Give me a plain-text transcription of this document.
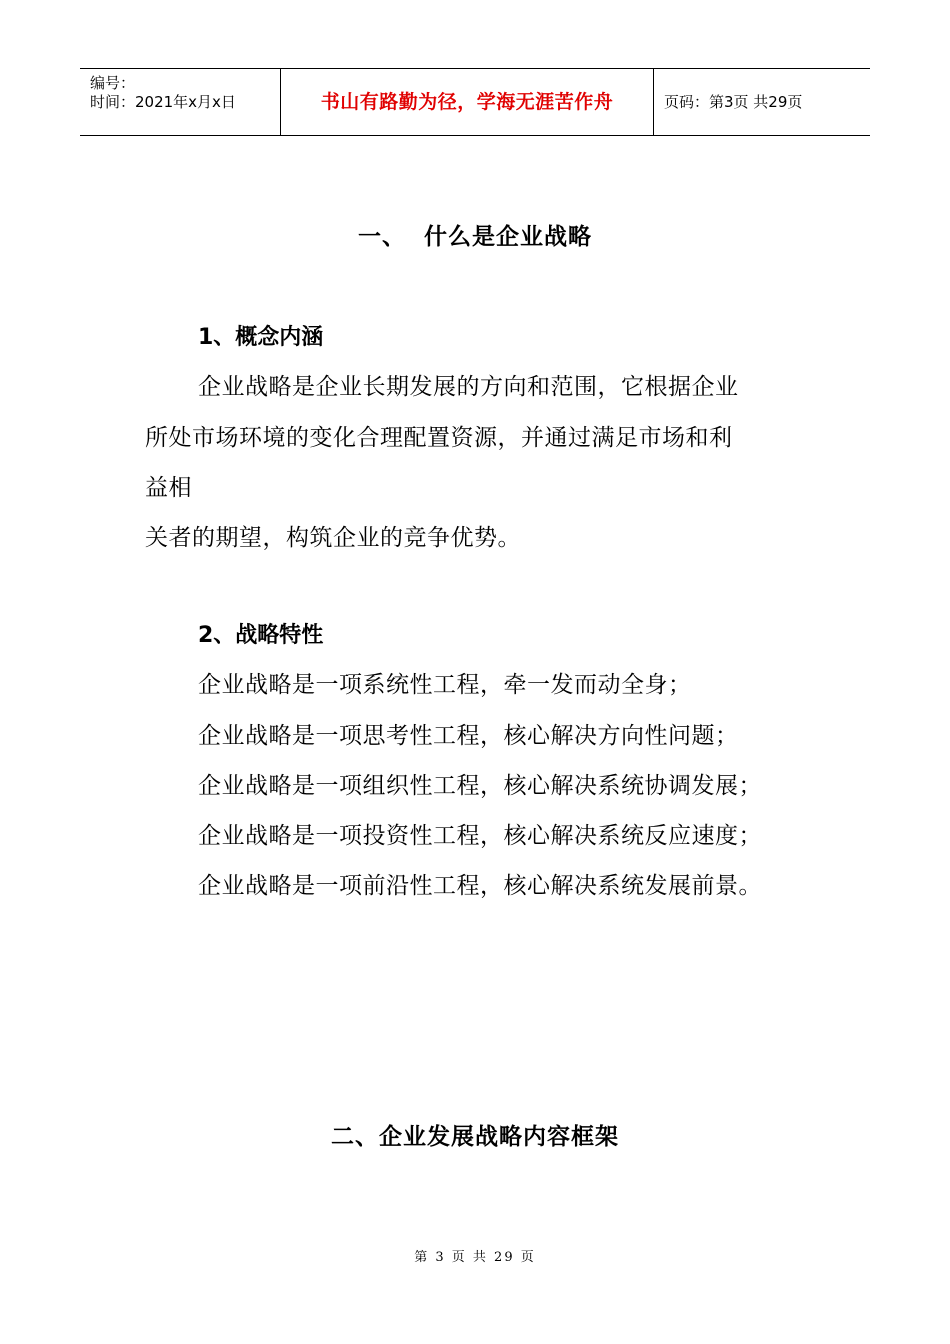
编号：
时间：2021年x月x日	书山有路勤为径，学海无涯苦作舟	页码：第3页 共29页
一、 什么是企业战略
1、概念内涵
企业战略是企业长期发展的方向和范围，它根据企业
所处市场环境的变化合理配置资源，并通过满足市场和利
益相
关者的期望，构筑企业的竞争优势。
2、战略特性
企业战略是一项系统性工程，牵一发而动全身；
企业战略是一项思考性工程，核心解决方向性问题；
企业战略是一项组织性工程，核心解决系统协调发展；
企业战略是一项投资性工程，核心解决系统反应速度；
企业战略是一项前沿性工程，核心解决系统发展前景。
二、企业发展战略内容框架
第 3 页 共 29 页
